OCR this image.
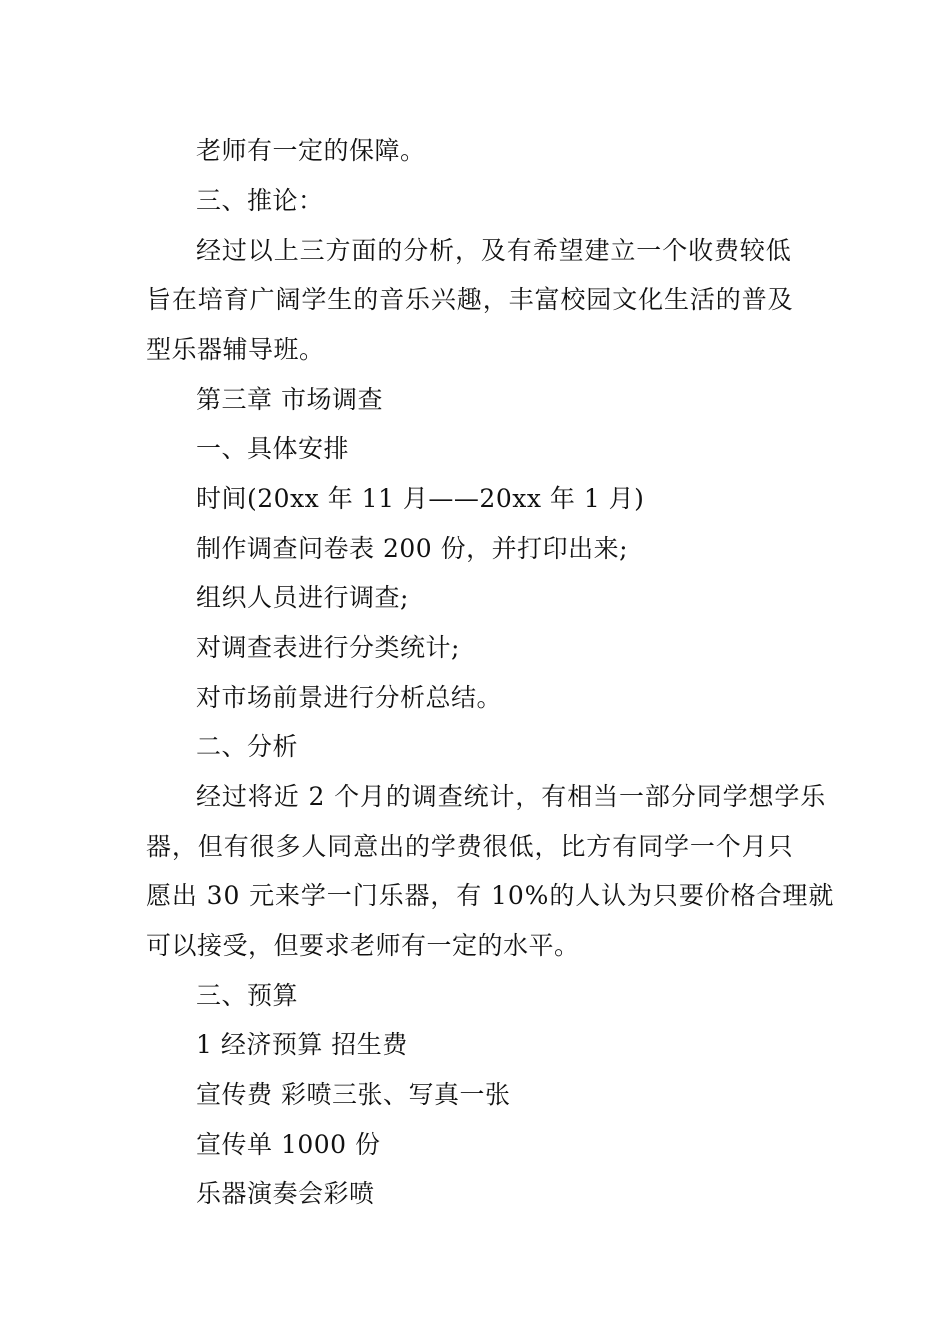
老师有一定的保障。
三、推论：
经过以上三方面的分析，及有希望建立一个收费较低
旨在培育广阔学生的音乐兴趣，丰富校园文化生活的普及
型乐器辅导班。
第三章 市场调查
一、具体安排
时间(20xx 年 11 月——20xx 年 1 月)
制作调查问卷表 200 份，并打印出来;
组织人员进行调查;
对调查表进行分类统计;
对市场前景进行分析总结。
二、分析
经过将近 2 个月的调查统计，有相当一部分同学想学乐
器，但有很多人同意出的学费很低，比方有同学一个月只
愿出 30 元来学一门乐器，有 10%的人认为只要价格合理就
可以接受，但要求老师有一定的水平。
三、预算
1 经济预算 招生费
宣传费 彩喷三张、写真一张
宣传单 1000 份
乐器演奏会彩喷
